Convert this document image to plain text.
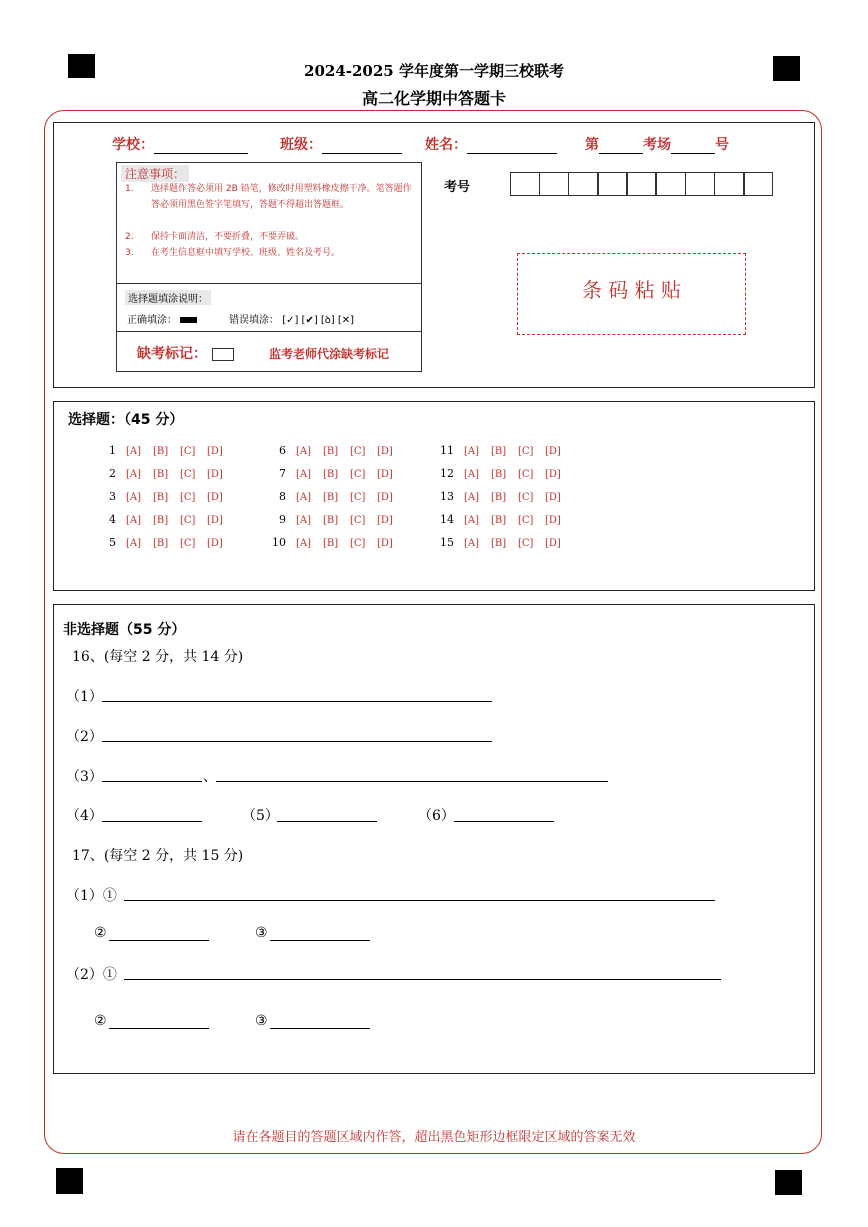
2024-2025 学年度第一学期三校联考
高二化学期中答题卡
学校：	班级：	姓名：	第	考场	号
注意事项：
1.	选择题作答必须用 2B 铅笔，修改时用塑料橡皮擦干净。笔答题作答必须用黑色签字笔填写，答题不得超出答题框。
2.	保持卡面清洁，不要折叠，不要弄破。
3.	在考生信息框中填写学校、班级、姓名及考号。
选择题填涂说明：
正确填涂：	错误填涂： [✓] [✔] [ꝺ] [✕]
缺考标记：	监考老师代涂缺考标记
考号
条 码 粘 贴
选择题：（45 分）
1 [A] [B] [C] [D]
2 [A] [B] [C] [D]
3 [A] [B] [C] [D]
4 [A] [B] [C] [D]
5 [A] [B] [C] [D]
6 [A] [B] [C] [D]
7 [A] [B] [C] [D]
8 [A] [B] [C] [D]
9 [A] [B] [C] [D]
10 [A] [B] [C] [D]
11 [A] [B] [C] [D]
12 [A] [B] [C] [D]
13 [A] [B] [C] [D]
14 [A] [B] [C] [D]
15 [A] [B] [C] [D]
非选择题（55 分）
16、(每空 2 分，共 14 分)
（1）
（2）
（3）	、
（4）	（5）	（6）
17、(每空 2 分，共 15 分)
（1）①
②	③
（2）①
②	③
请在各题目的答题区域内作答，超出黑色矩形边框限定区域的答案无效
